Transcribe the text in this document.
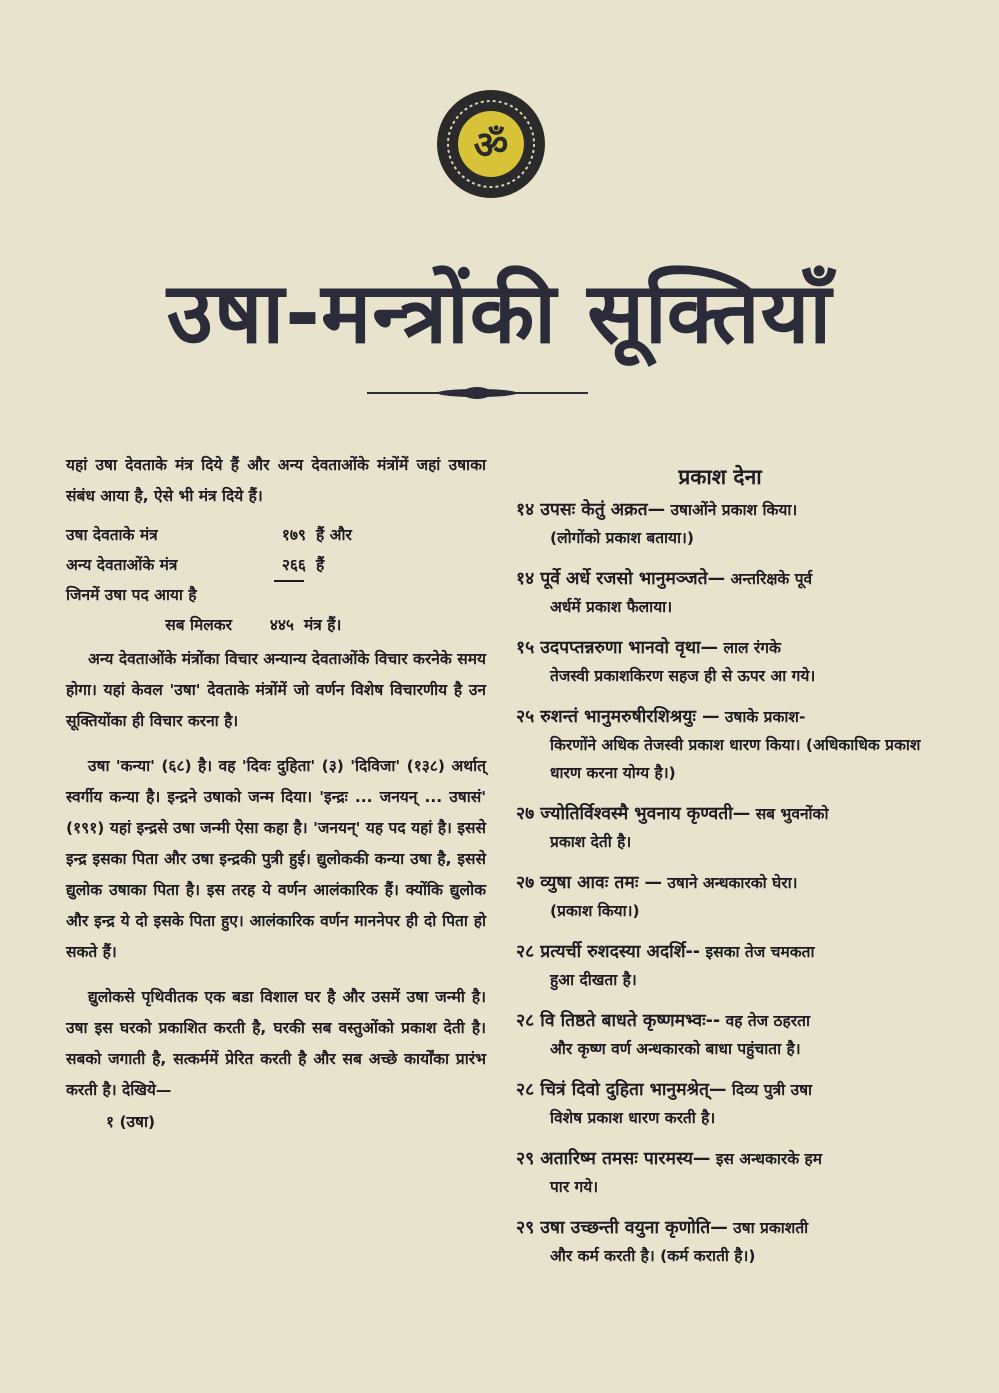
ॐ
उषा-मन्त्रोंकी सूक्तियाँ

यहां उषा देवताके मंत्र दिये हैं और अन्य देवताओंके मंत्रोंमें जहां उषाका संबंध आया है, ऐसे भी मंत्र दिये हैं।

उषा देवताके मंत्र	१७९ हैं और
अन्य देवताओंके मंत्र	२६६ हैं
जिनमें उषा पद आया है
सब मिलकर	४४५ मंत्र हैं।

अन्य देवताओंके मंत्रोंका विचार अन्यान्य देवताओंके विचार करनेके समय होगा। यहां केवल 'उषा' देवताके मंत्रोंमें जो वर्णन विशेष विचारणीय है उन सूक्तियोंका ही विचार करना है।

उषा 'कन्या' (६८) है। वह 'दिवः दुहिता' (३) 'दिविजा' (१३८) अर्थात् स्वर्गीय कन्या है। इन्द्रने उषाको जन्म दिया। 'इन्द्रः ... जनयन् ... उषासं' (१९१) यहां इन्द्रसे उषा जन्मी ऐसा कहा है। 'जनयन्' यह पद यहां है। इससे इन्द्र इसका पिता और उषा इन्द्रकी पुत्री हुई। द्युलोककी कन्या उषा है, इससे द्युलोक उषाका पिता है। इस तरह ये वर्णन आलंकारिक हैं। क्योंकि द्युलोक और इन्द्र ये दो इसके पिता हुए। आलंकारिक वर्णन माननेपर ही दो पिता हो सकते हैं।

द्युलोकसे पृथिवीतक एक बडा विशाल घर है और उसमें उषा जन्मी है। उषा इस घरको प्रकाशित करती है, घरकी सब वस्तुओंको प्रकाश देती है। सबको जगाती है, सत्कर्ममें प्रेरित करती है और सब अच्छे कार्योंका प्रारंभ करती है। देखिये—

१ (उषा)
प्रकाश देना
१४ उपसः केतुं अक्रत— उषाओंने प्रकाश किया।
(लोगोंको प्रकाश बताया।)
१४ पूर्वे अर्धे रजसो भानुमञ्जते— अन्तरिक्षके पूर्व
अर्धमें प्रकाश फैलाया।
१५ उदपप्तन्नरुणा भानवो वृथा— लाल रंगके
तेजस्वी प्रकाशकिरण सहज ही से ऊपर आ गये।
२५ रुशन्तं भानुमरुषीरशिश्रयुः — उषाके प्रकाश-
किरणोंने अधिक तेजस्वी प्रकाश धारण किया। (अधिकाधिक प्रकाश धारण करना योग्य है।)
२७ ज्योतिर्विश्वस्मै भुवनाय कृण्वती— सब भुवनोंको
प्रकाश देती है।
२७ व्युषा आवः तमः — उषाने अन्धकारको घेरा।
(प्रकाश किया।)
२८ प्रत्यर्ची रुशदस्या अदर्शि-- इसका तेज चमकता
हुआ दीखता है।
२८ वि तिष्ठते बाधते कृष्णमभ्वः-- वह तेज ठहरता
और कृष्ण वर्ण अन्धकारको बाधा पहुंचाता है।
२८ चित्रं दिवो दुहिता भानुमश्रेत्— दिव्य पुत्री उषा
विशेष प्रकाश धारण करती है।
२९ अतारिष्म तमसः पारमस्य— इस अन्धकारके हम
पार गये।
२९ उषा उच्छन्ती वयुना कृणोति— उषा प्रकाशती
और कर्म करती है। (कर्म कराती है।)
